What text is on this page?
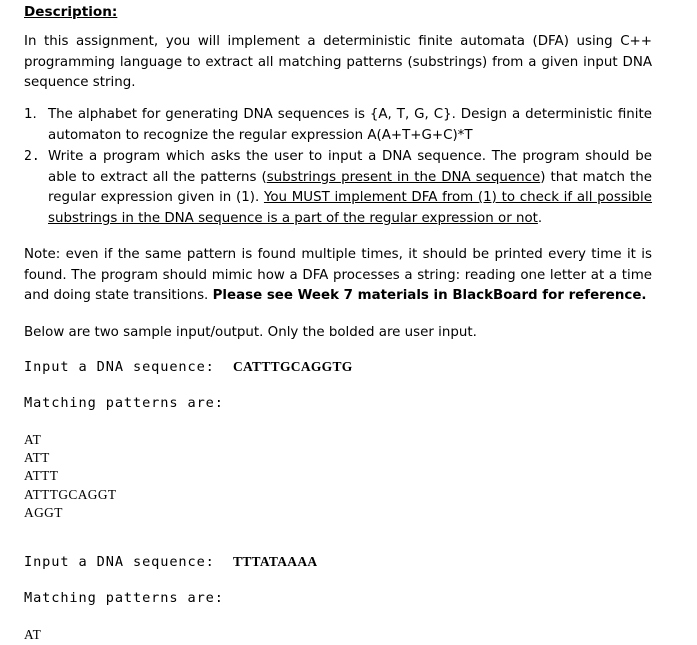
Description:
In this assignment, you will implement a deterministic finite automata (DFA) using C++ programming language to extract all matching patterns (substrings) from a given input DNA sequence string.
1. The alphabet for generating DNA sequences is {A, T, G, C}. Design a deterministic finite automaton to recognize the regular expression A(A+T+G+C)*T
2. Write a program which asks the user to input a DNA sequence. The program should be able to extract all the patterns (substrings present in the DNA sequence) that match the regular expression given in (1). You MUST implement DFA from (1) to check if all possible substrings in the DNA sequence is a part of the regular expression or not.
Note: even if the same pattern is found multiple times, it should be printed every time it is found. The program should mimic how a DFA processes a string: reading one letter at a time and doing state transitions. Please see Week 7 materials in BlackBoard for reference.
Below are two sample input/output. Only the bolded are user input.
Input a DNA sequence: CATTTGCAGGTG
Matching patterns are:
AT
ATT
ATTT
ATTTGCAGGT
AGGT
Input a DNA sequence: TTTATAAAA
Matching patterns are:
AT
